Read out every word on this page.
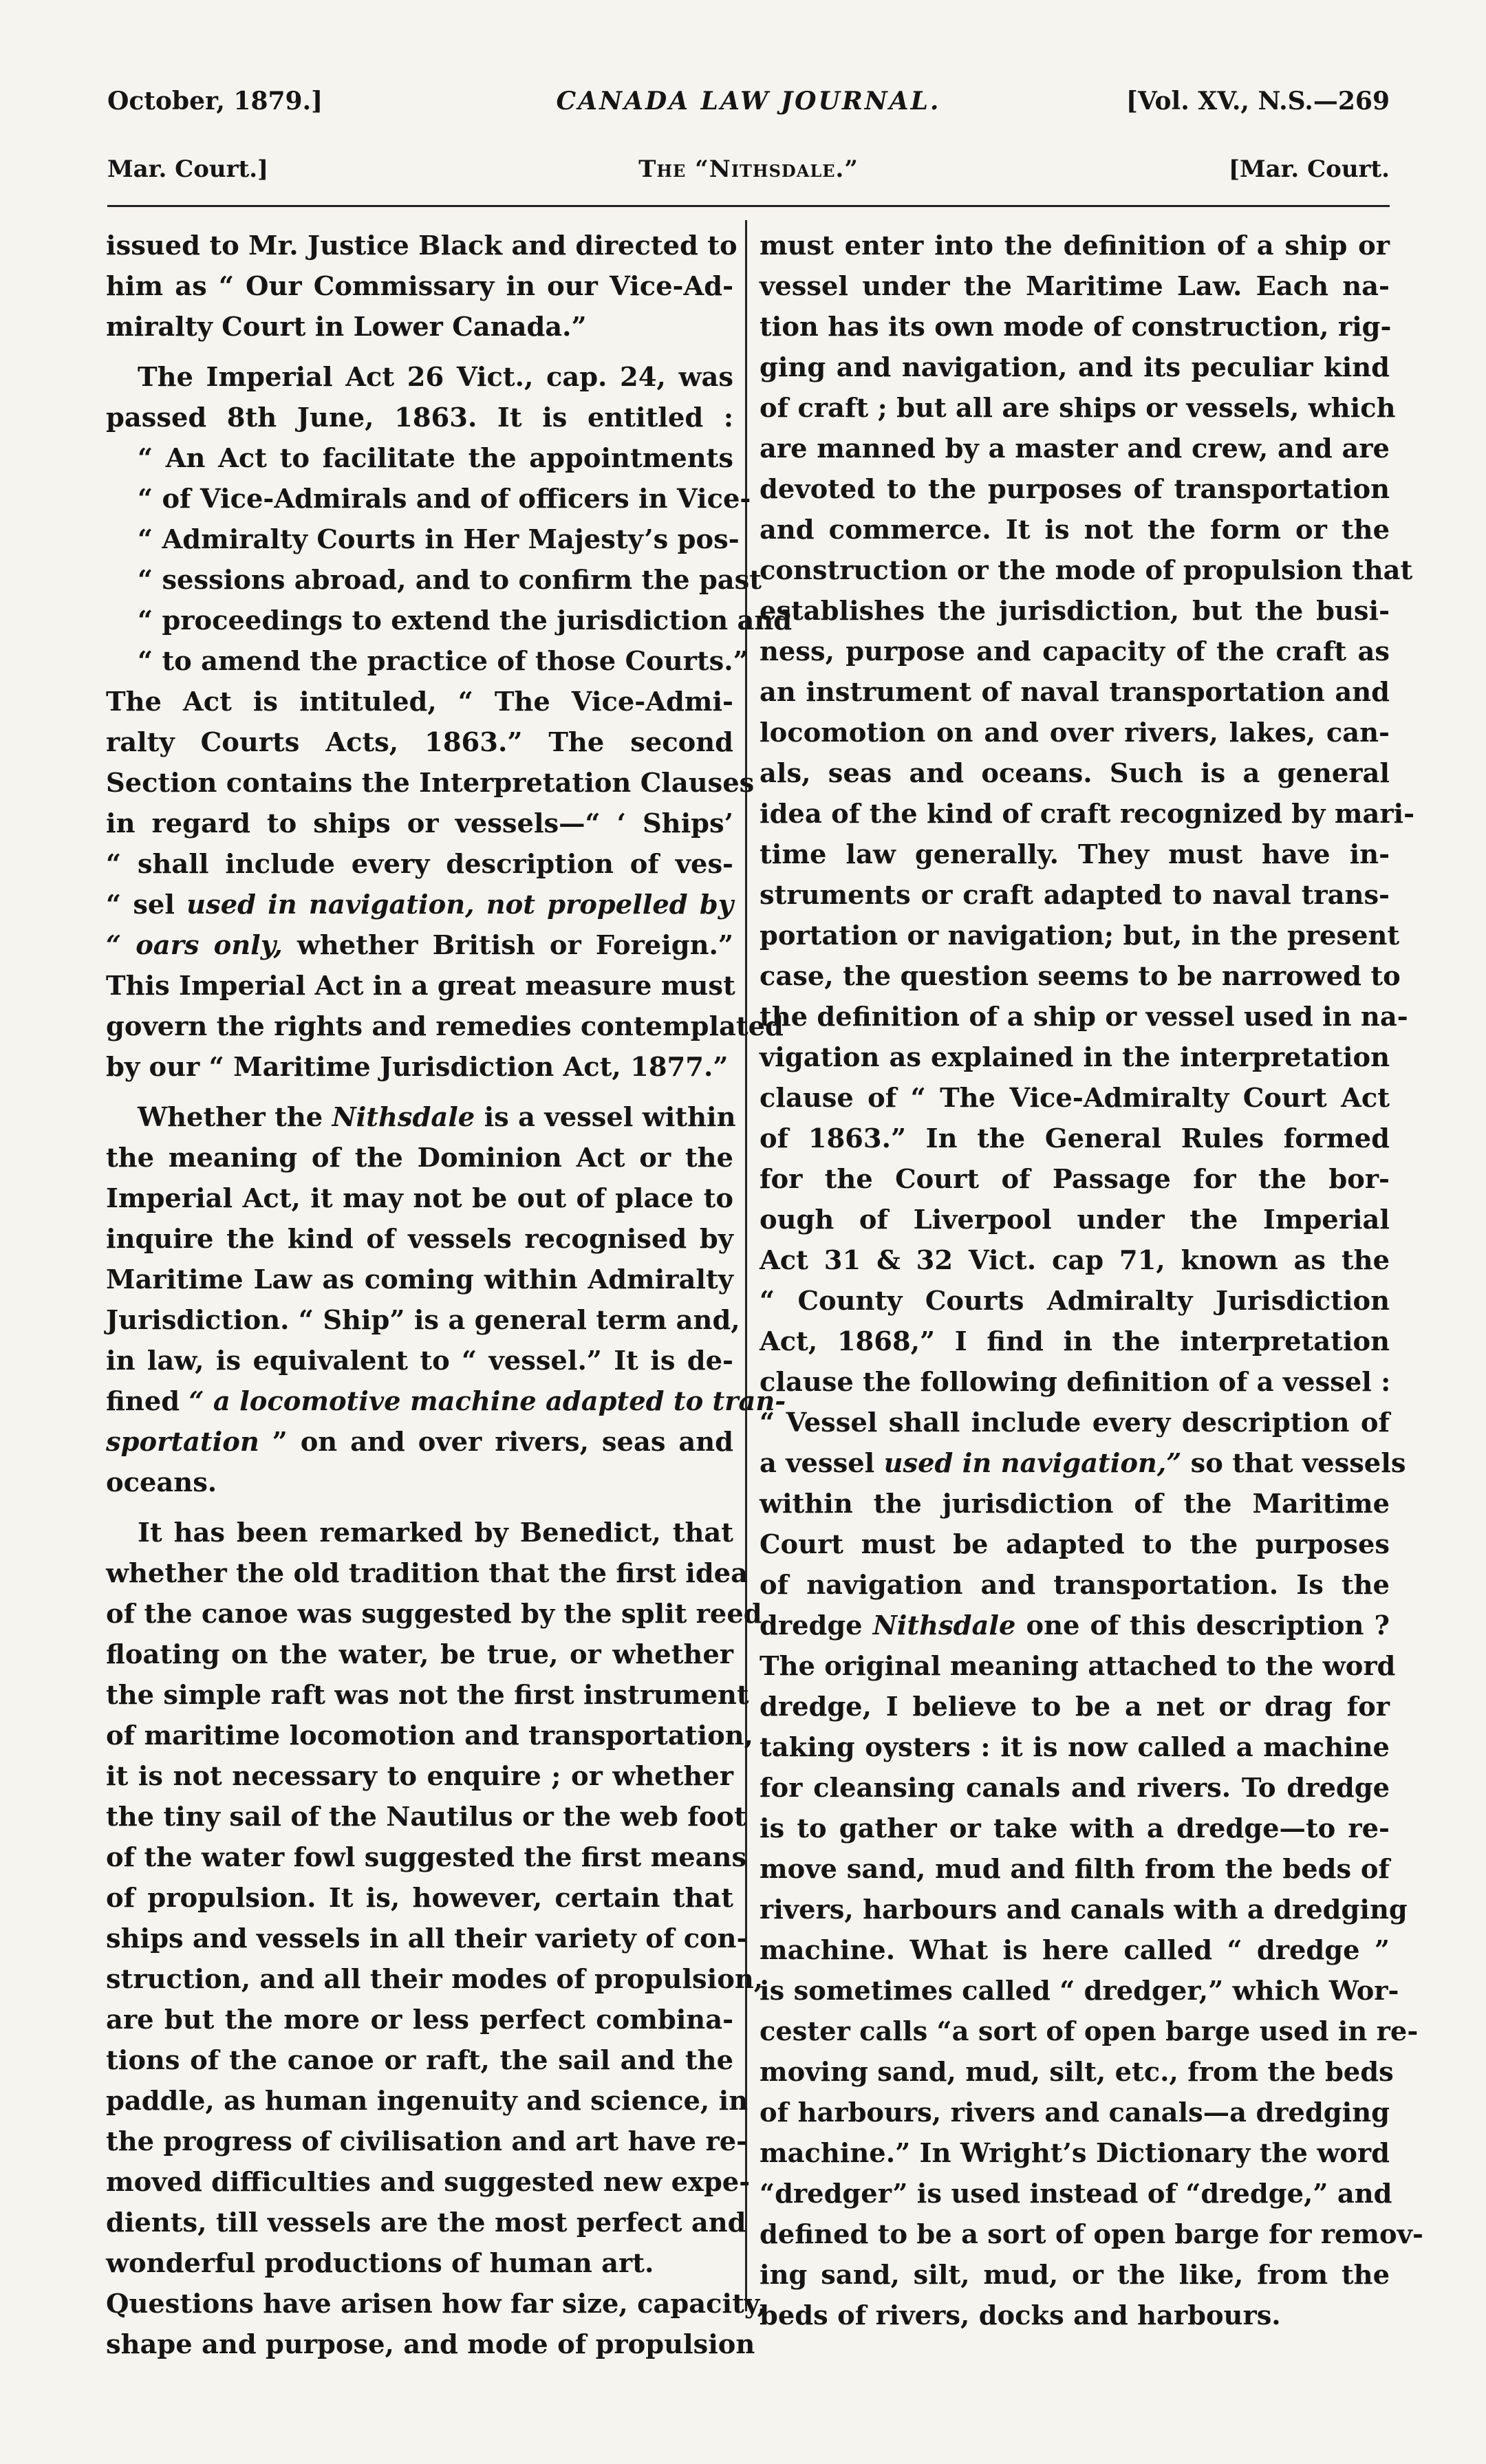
October, 1879.]	CANADA LAW JOURNAL.	[Vol. XV., N.S.—269
Mar. Court.]	The “Nithsdale.”	[Mar. Court.

issued to Mr. Justice Black and directed to
him as “ Our Commissary in our Vice-Ad-
miralty Court in Lower Canada.”

The Imperial Act 26 Vict., cap. 24, was
passed 8th June, 1863. It is entitled :
“ An Act to facilitate the appointments
“ of Vice-Admirals and of officers in Vice-
“ Admiralty Courts in Her Majesty’s pos-
“ sessions abroad, and to confirm the past
“ proceedings to extend the jurisdiction and
“ to amend the practice of those Courts.”
The Act is intituled, “ The Vice-Admi-
ralty Courts Acts, 1863.” The second
Section contains the Interpretation Clauses
in regard to ships or vessels—“ ‘ Ships’
“ shall include every description of ves-
“ sel used in navigation, not propelled by
“ oars only, whether British or Foreign.”
This Imperial Act in a great measure must
govern the rights and remedies contemplated
by our “ Maritime Jurisdiction Act, 1877.”

Whether the Nithsdale is a vessel within
the meaning of the Dominion Act or the
Imperial Act, it may not be out of place to
inquire the kind of vessels recognised by
Maritime Law as coming within Admiralty
Jurisdiction. “ Ship” is a general term and,
in law, is equivalent to “ vessel.” It is de-
fined “ a locomotive machine adapted to tran-
sportation ” on and over rivers, seas and
oceans.

It has been remarked by Benedict, that
whether the old tradition that the first idea
of the canoe was suggested by the split reed
floating on the water, be true, or whether
the simple raft was not the first instrument
of maritime locomotion and transportation,
it is not necessary to enquire ; or whether
the tiny sail of the Nautilus or the web foot
of the water fowl suggested the first means
of propulsion. It is, however, certain that
ships and vessels in all their variety of con-
struction, and all their modes of propulsion,
are but the more or less perfect combina-
tions of the canoe or raft, the sail and the
paddle, as human ingenuity and science, in
the progress of civilisation and art have re-
moved difficulties and suggested new expe-
dients, till vessels are the most perfect and
wonderful productions of human art.

Questions have arisen how far size, capacity,
shape and purpose, and mode of propulsion

must enter into the definition of a ship or
vessel under the Maritime Law. Each na-
tion has its own mode of construction, rig-
ging and navigation, and its peculiar kind
of craft ; but all are ships or vessels, which
are manned by a master and crew, and are
devoted to the purposes of transportation
and commerce. It is not the form or the
construction or the mode of propulsion that
establishes the jurisdiction, but the busi-
ness, purpose and capacity of the craft as
an instrument of naval transportation and
locomotion on and over rivers, lakes, can-
als, seas and oceans. Such is a general
idea of the kind of craft recognized by mari-
time law generally. They must have in-
struments or craft adapted to naval trans-
portation or navigation; but, in the present
case, the question seems to be narrowed to
the definition of a ship or vessel used in na-
vigation as explained in the interpretation
clause of “ The Vice-Admiralty Court Act
of 1863.” In the General Rules formed
for the Court of Passage for the bor-
ough of Liverpool under the Imperial
Act 31 & 32 Vict. cap 71, known as the
“ County Courts Admiralty Jurisdiction
Act, 1868,” I find in the interpretation
clause the following definition of a vessel :
“ Vessel shall include every description of
a vessel used in navigation,” so that vessels
within the jurisdiction of the Maritime
Court must be adapted to the purposes
of navigation and transportation. Is the
dredge Nithsdale one of this description ?
The original meaning attached to the word
dredge, I believe to be a net or drag for
taking oysters : it is now called a machine
for cleansing canals and rivers. To dredge
is to gather or take with a dredge—to re-
move sand, mud and filth from the beds of
rivers, harbours and canals with a dredging
machine. What is here called “ dredge ”
is sometimes called “ dredger,” which Wor-
cester calls “a sort of open barge used in re-
moving sand, mud, silt, etc., from the beds
of harbours, rivers and canals—a dredging
machine.” In Wright’s Dictionary the word
“dredger” is used instead of “dredge,” and
defined to be a sort of open barge for remov-
ing sand, silt, mud, or the like, from the
beds of rivers, docks and harbours.
